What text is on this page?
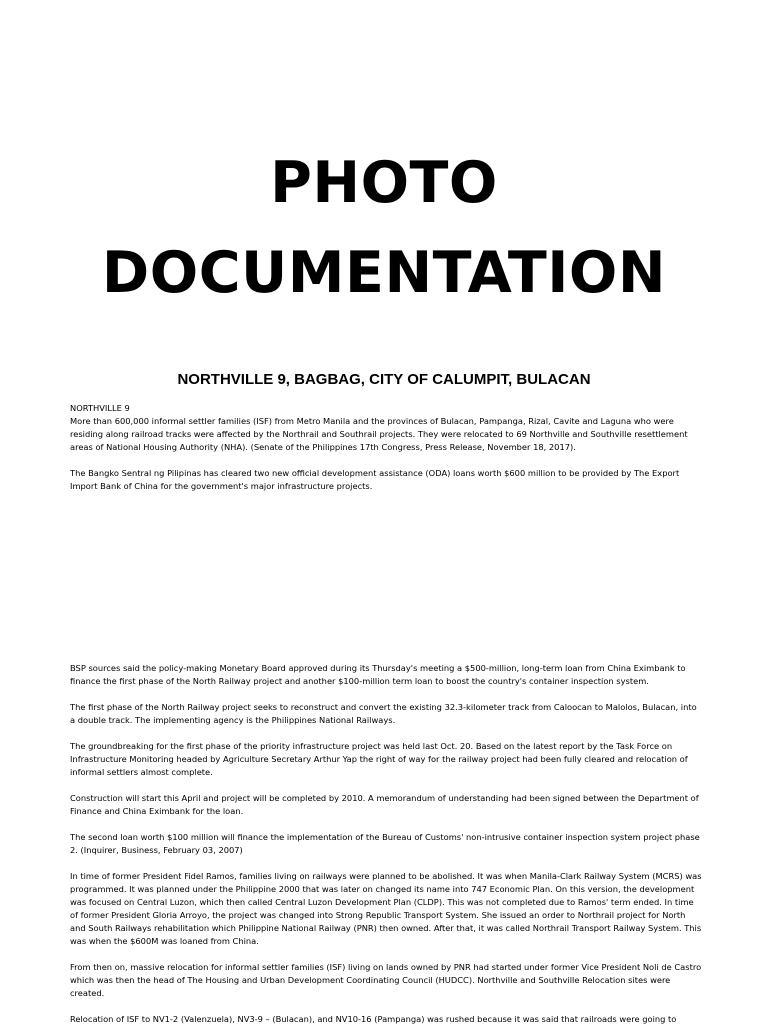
PHOTO
DOCUMENTATION
NORTHVILLE 9, BAGBAG, CITY OF CALUMPIT, BULACAN

NORTHVILLE 9
More than 600,000 informal settler families (ISF) from Metro Manila and the provinces of Bulacan, Pampanga, Rizal, Cavite and Laguna who were residing along railroad tracks were affected by the Northrail and Southrail projects. They were relocated to 69 Northville and Southville resettlement areas of National Housing Authority (NHA). (Senate of the Philippines 17th Congress, Press Release, November 18, 2017).

The Bangko Sentral ng Pilipinas has cleared two new official development assistance (ODA) loans worth $600 million to be provided by The Export Import Bank of China for the government's major infrastructure projects.

BSP sources said the policy-making Monetary Board approved during its Thursday's meeting a $500-million, long-term loan from China Eximbank to finance the first phase of the North Railway project and another $100-million term loan to boost the country's container inspection system.

The first phase of the North Railway project seeks to reconstruct and convert the existing 32.3-kilometer track from Caloocan to Malolos, Bulacan, into a double track. The implementing agency is the Philippines National Railways.

The groundbreaking for the first phase of the priority infrastructure project was held last Oct. 20. Based on the latest report by the Task Force on Infrastructure Monitoring headed by Agriculture Secretary Arthur Yap the right of way for the railway project had been fully cleared and relocation of informal settlers almost complete.

Construction will start this April and project will be completed by 2010. A memorandum of understanding had been signed between the Department of Finance and China Eximbank for the loan.

The second loan worth $100 million will finance the implementation of the Bureau of Customs' non-intrusive container inspection system project phase 2. (Inquirer, Business, February 03, 2007)

In time of former President Fidel Ramos, families living on railways were planned to be abolished. It was when Manila-Clark Railway System (MCRS) was programmed. It was planned under the Philippine 2000 that was later on changed its name into 747 Economic Plan. On this version, the development was focused on Central Luzon, which then called Central Luzon Development Plan (CLDP). This was not completed due to Ramos' term ended. In time of former President Gloria Arroyo, the project was changed into Strong Republic Transport System. She issued an order to Northrail project for North and South Railways rehabilitation which Philippine National Railway (PNR) then owned. After that, it was called Northrail Transport Railway System. This was when the $600M was loaned from China.

From then on, massive relocation for informal settler families (ISF) living on lands owned by PNR had started under former Vice President Noli de Castro which was then the head of The Housing and Urban Development Coordinating Council (HUDCC). Northville and Southville Relocation sites were created.

Relocation of ISF to NV1-2 (Valenzuela), NV3-9 – (Bulacan), and NV10-16 (Pampanga) was rushed because it was said that railroads were going to
